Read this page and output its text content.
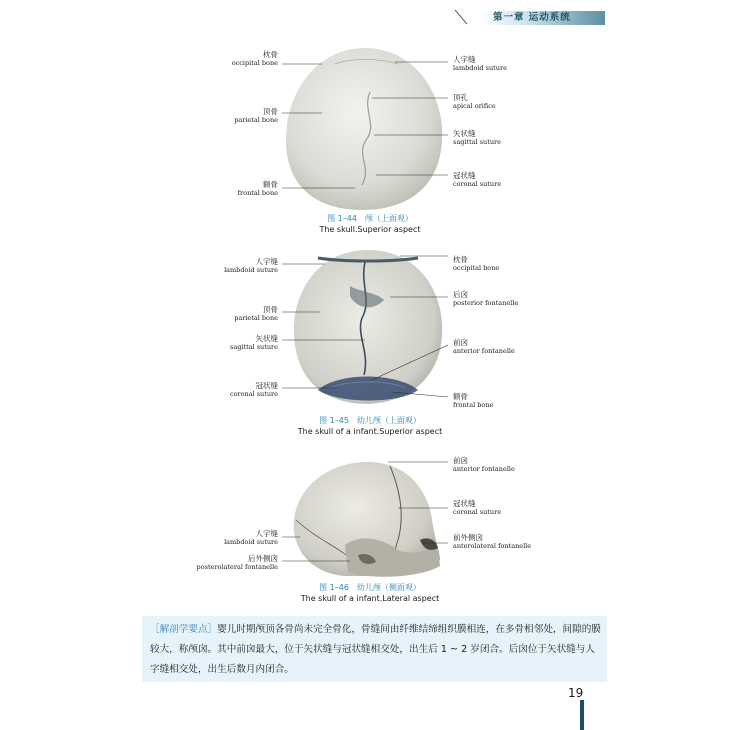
第一章 运动系统
枕骨
occipital bone
顶骨
parietal bone
额骨
frontal bone
人字缝
lambdoid suture
顶孔
apical orifice
矢状缝
sagittal suture
冠状缝
coronal suture
图 1–44　颅（上面观）
The skull.Superior aspect
人字缝
lambdoid suture
顶骨
parietal bone
矢状缝
sagittal suture
冠状缝
coronal suture
枕骨
occipital bone
后囟
posterior fontanelle
前囟
anterior fontanelle
额骨
frontal bone
图 1–45　幼儿颅（上面观）
The skull of a infant.Superior aspect
前囟
anterior fontanelle
冠状缝
coronal suture
前外侧囟
anterolateral fontanelle
人字缝
lambdoid suture
后外侧囟
posterolateral fontanelle
图 1–46　幼儿颅（侧面观）
The skull of a infant.Lateral aspect
［解剖学要点］婴儿时期颅顶各骨尚未完全骨化，骨缝间由纤维结缔组织膜相连，在多骨相邻处，间隙的膜较大，称颅囟。其中前囟最大，位于矢状缝与冠状缝相交处，出生后 1 ~ 2 岁闭合。后囟位于矢状缝与人字缝相交处，出生后数月内闭合。
19
